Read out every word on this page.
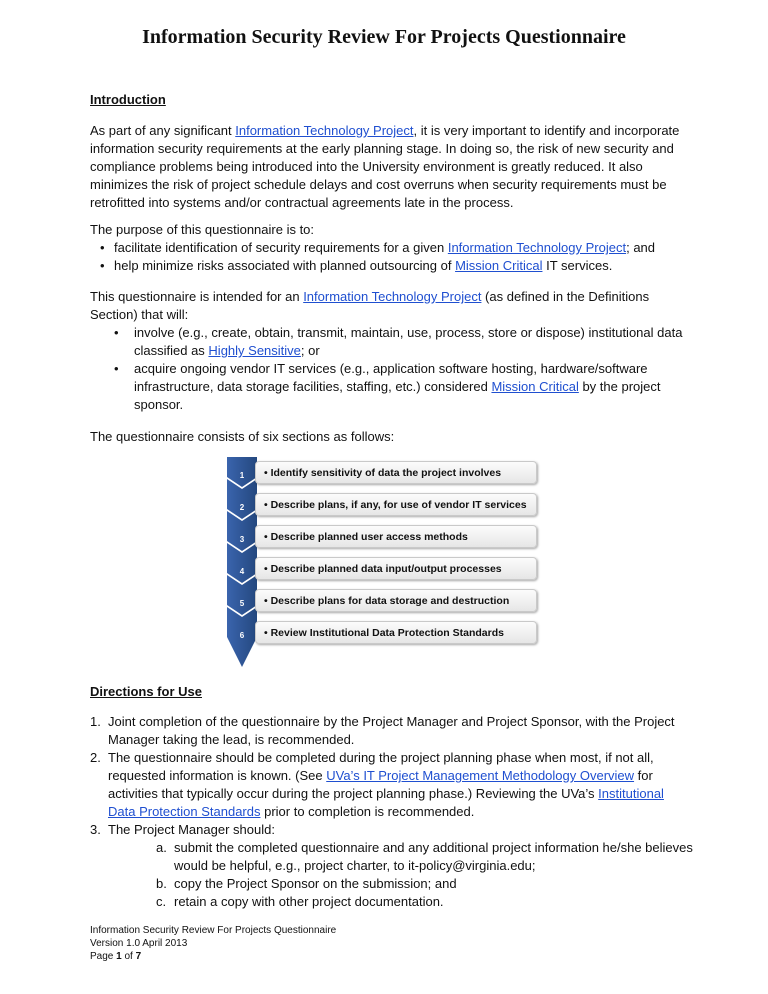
Information Security Review For Projects Questionnaire
Introduction
As part of any significant Information Technology Project, it is very important to identify and incorporate
information security requirements at the early planning stage. In doing so, the risk of new security and
compliance problems being introduced into the University environment is greatly reduced. It also
minimizes the risk of project schedule delays and cost overruns when security requirements must be
retrofitted into systems and/or contractual agreements late in the process.
The purpose of this questionnaire is to:
• facilitate identification of security requirements for a given Information Technology Project; and
• help minimize risks associated with planned outsourcing of Mission Critical IT services.
This questionnaire is intended for an Information Technology Project (as defined in the Definitions
Section) that will:
• involve (e.g., create, obtain, transmit, maintain, use, process, store or dispose) institutional data
classified as Highly Sensitive; or
• acquire ongoing vendor IT services (e.g., application software hosting, hardware/software
infrastructure, data storage facilities, staffing, etc.) considered Mission Critical by the project
sponsor.
The questionnaire consists of six sections as follows:
1
2
3
4
5
6
• Identify sensitivity of data the project involves
• Describe plans, if any, for use of vendor IT services
• Describe planned user access methods
• Describe planned data input/output processes
• Describe plans for data storage and destruction
• Review Institutional Data Protection Standards
Directions for Use
1. Joint completion of the questionnaire by the Project Manager and Project Sponsor, with the Project
Manager taking the lead, is recommended.
2. The questionnaire should be completed during the project planning phase when most, if not all,
requested information is known. (See UVa’s IT Project Management Methodology Overview for
activities that typically occur during the project planning phase.) Reviewing the UVa’s Institutional
Data Protection Standards prior to completion is recommended.
3. The Project Manager should:
a. submit the completed questionnaire and any additional project information he/she believes
would be helpful, e.g., project charter, to it-policy@virginia.edu;
b. copy the Project Sponsor on the submission; and
c. retain a copy with other project documentation.
Information Security Review For Projects Questionnaire
Version 1.0 April 2013
Page 1 of 7
